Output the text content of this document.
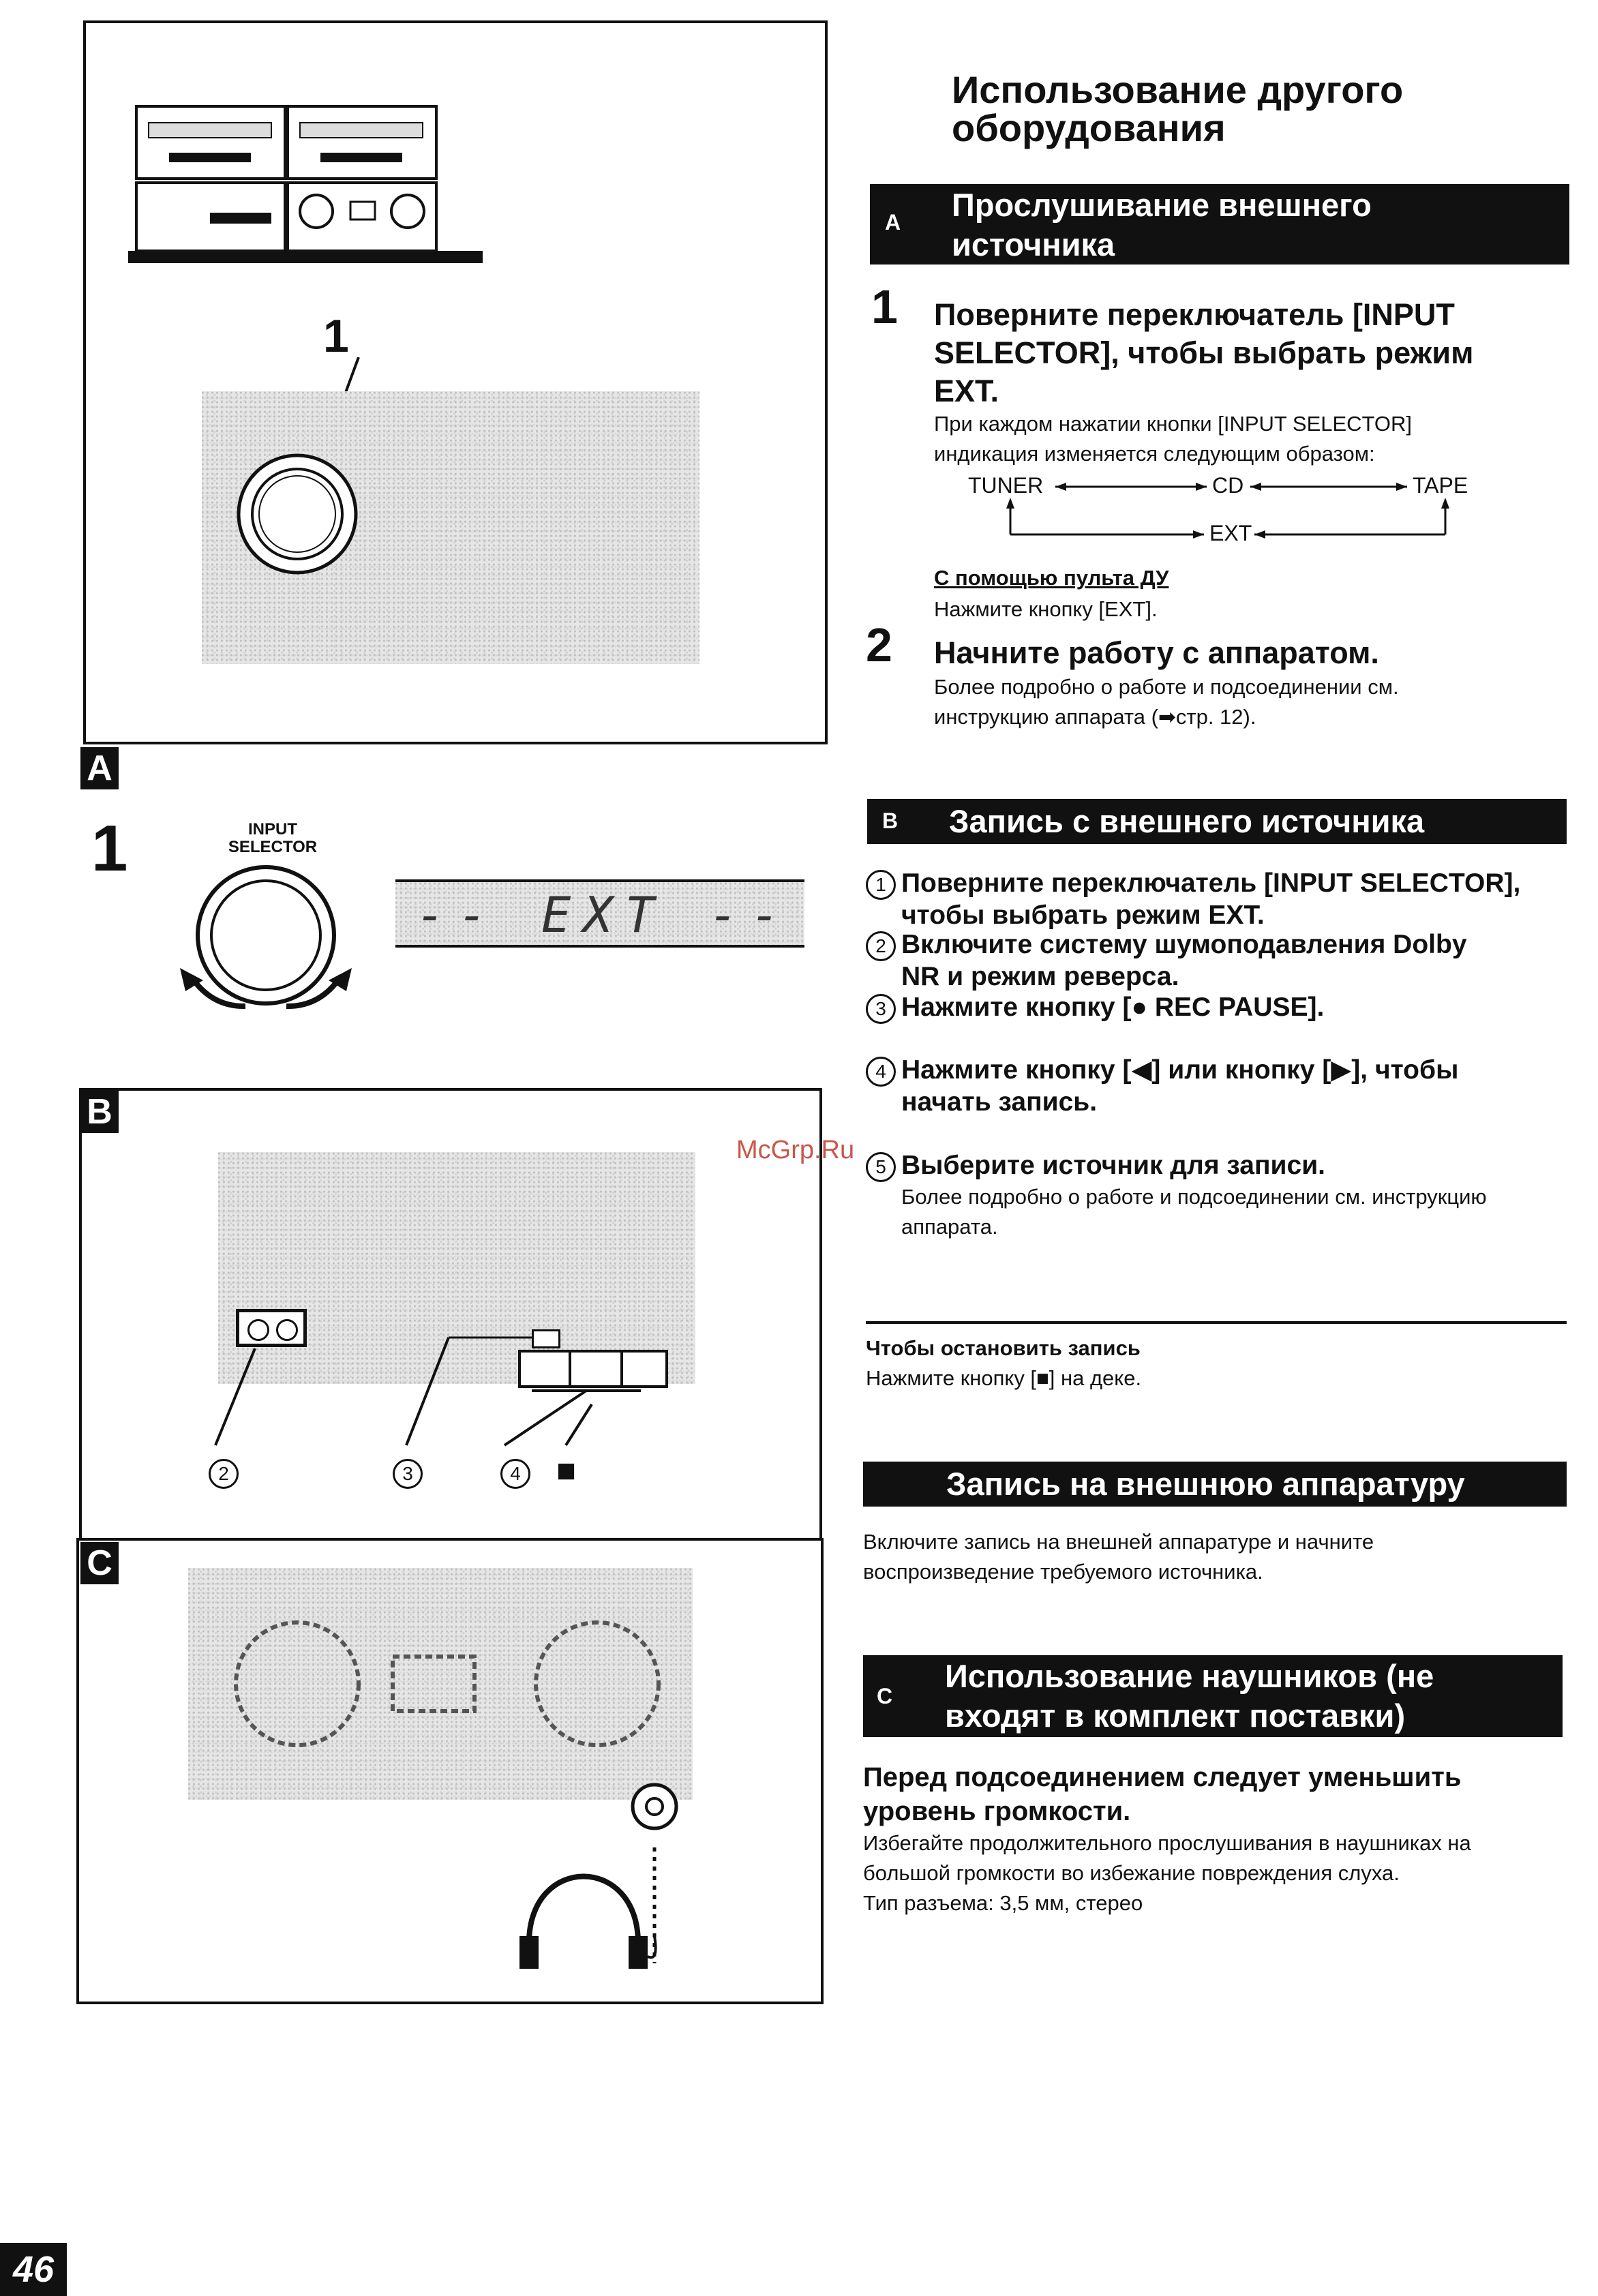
1
A
1	INPUT
SELECTOR
-- EXT --
2	3	4 ■
B
C
46
McGrp.Ru
Использование другого
оборудования
A Прослушивание внешнего
источника
1 Поверните переключатель [INPUT
SELECTOR], чтобы выбрать режим
EXT.
При каждом нажатии кнопки [INPUT SELECTOR]
индикация изменяется следующим образом:
TUNER	CD	TAPE
EXT
С помощью пульта ДУ
Нажмите кнопку [EXT].
2 Начните работу с аппаратом.
Более подробно о работе и подсоединении см.
инструкцию аппарата (➡стр. 12).
B Запись с внешнего источника
1 Поверните переключатель [INPUT SELECTOR],
чтобы выбрать режим EXT.
2 Включите систему шумоподавления Dolby
NR и режим реверса.
3 Нажмите кнопку [● REC PAUSE].
4 Нажмите кнопку [◀] или кнопку [▶], чтобы
начать запись.
5 Выберите источник для записи.
Более подробно о работе и подсоединении см. инструкцию
аппарата.
Чтобы остановить запись
Нажмите кнопку [■] на деке.
Запись на внешнюю аппаратуру
Включите запись на внешней аппаратуре и начните
воспроизведение требуемого источника.
C
Использование наушников (не
входят в комплект поставки)
Перед подсоединением следует уменьшить
уровень громкости.
Избегайте продолжительного прослушивания в наушниках на
большой громкости во избежание повреждения слуха.
Тип разъема: 3,5 мм, стерео
